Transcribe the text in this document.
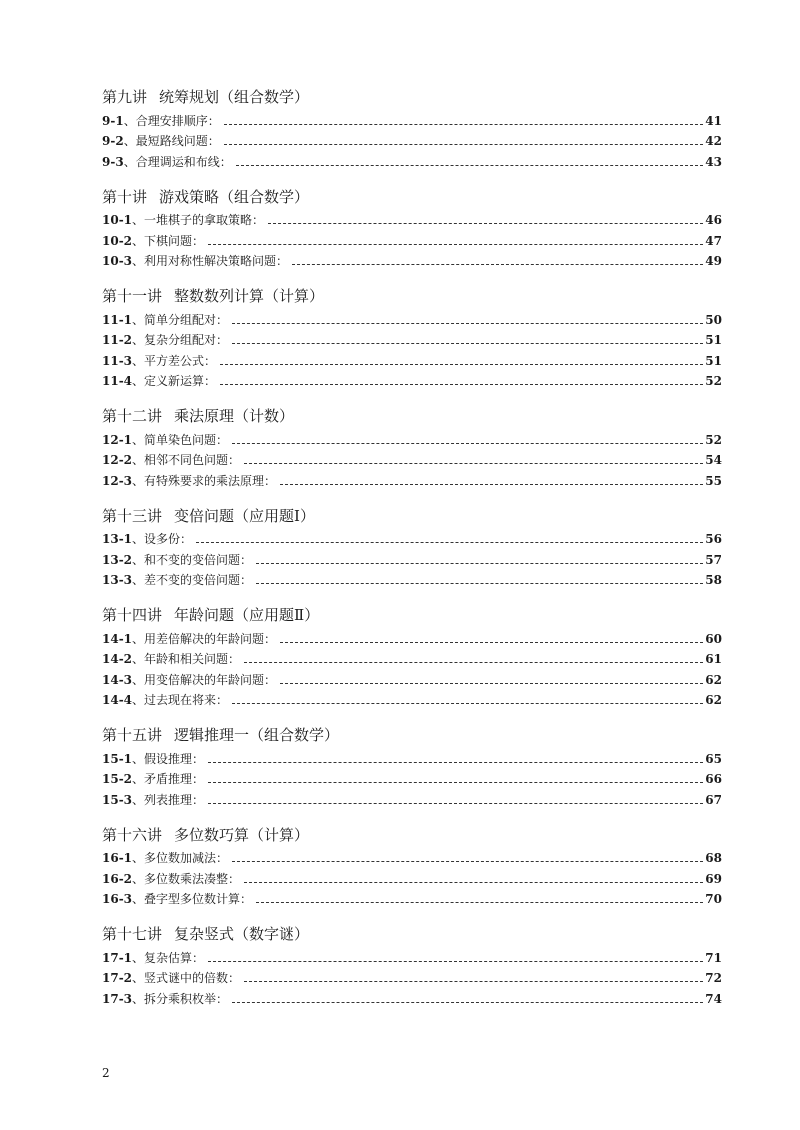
第九讲 统筹规划（组合数学）
9-1 、 合理安排顺序：	41
9-2 、 最短路线问题：	42
9-3 、 合理调运和布线：	43
第十讲 游戏策略（组合数学）
10-1 、 一堆棋子的拿取策略：	46
10-2 、 下棋问题：	47
10-3 、 利用对称性解决策略问题：	49
第十一讲 整数数列计算（计算）
11-1 、 简单分组配对：	50
11-2 、 复杂分组配对：	51
11-3 、 平方差公式：	51
11-4 、 定义新运算：	52
第十二讲 乘法原理（计数）
12-1 、 简单染色问题：	52
12-2 、 相邻不同色问题：	54
12-3 、 有特殊要求的乘法原理：	55
第十三讲 变倍问题（应用题Ⅰ）
13-1 、 设多份：	56
13-2 、 和不变的变倍问题：	57
13-3 、 差不变的变倍问题：	58
第十四讲 年龄问题（应用题Ⅱ）
14-1 、 用差倍解决的年龄问题：	60
14-2 、 年龄和相关问题：	61
14-3 、 用变倍解决的年龄问题：	62
14-4 、 过去现在将来：	62
第十五讲 逻辑推理一（组合数学）
15-1 、 假设推理：	65
15-2 、 矛盾推理：	66
15-3 、 列表推理：	67
第十六讲 多位数巧算（计算）
16-1 、 多位数加减法：	68
16-2 、 多位数乘法凑整：	69
16-3 、 叠字型多位数计算：	70
第十七讲 复杂竖式（数字谜）
17-1 、 复杂估算：	71
17-2 、 竖式谜中的倍数：	72
17-3 、 拆分乘积枚举：	74
2
